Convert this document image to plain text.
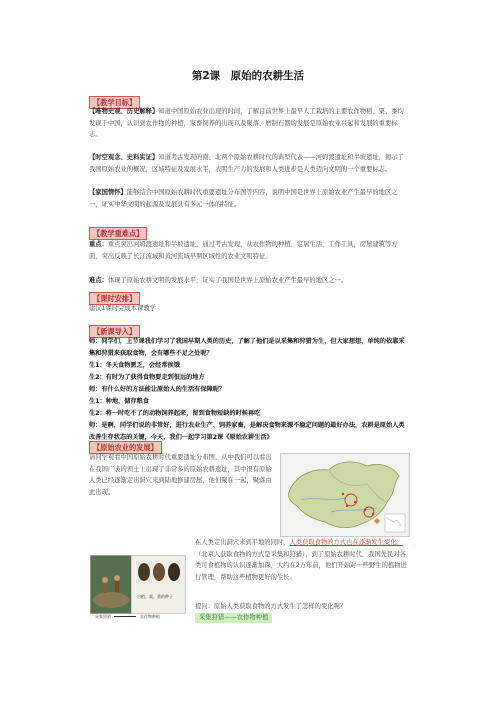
第2课　原始的农耕生活
【教学目标】
【唯物史观、历史解释】知道中国原始农业出现的时间，了解目前世界上最早人工栽培的主要农作物稻、粟、黍均发现于中国，认识到农作物的种植，家畜饲养的出现以及聚落、磨制石器的发展是原始农业兴起和发展的重要标志。
【时空观念、史料实证】知道考古发现的南、北两个原始农耕时代的典型代表——河姆渡遗址和半坡遗址，揭示了我国原始农业的概况，区域特征及发展水平，表明生产力的发展和人类进步是人类迈向文明的一个重要标志。
【家国情怀】能够结合中国原始农耕时代重要遗址分布图等内容，说明中国是世界上原始农业产生最早的地区之一，证实中华文明的起源及发展具有多元一体的特征。
【教学重难点】
重点：重点突出河姆渡遗址和半坡遗址，通过考古发现，从农作物的种植、定居生活，工作工具，房屋建筑等方面，突出反映了长江流域和黄河流域早期区域性的农业文明特征。
难点：体现了原始农耕文明的发展水平，证实了我国是世界上原始农业产生最早的地区之一。
【课时安排】
建议1课时完成本课教学
【新课导入】
师：同学们，上节课我们学习了我国早期人类的历史，了解了他们是以采集和狩猎为生，但大家想想，单纯的依靠采集和狩猎来获取食物，会有哪些不足之处呢？
生1：冬天食物匮乏，会经常挨饿
生2：有时为了获得食物要走到很远的地方
师：有什么好的方法能让原始人的生活有保障呢？
生1：种地、储存粮食
生2：将一时吃不了的动物饲养起来，留到食物短缺的时候再吃
师：是啊，同学们说的非常好，进行农业生产、饲养家畜，是解决食物来源不稳定问题的最好办法，农耕是原始人类改善生存状态的关键，今天，我们一起学习第2课《原始农耕生活》
【原始农业的发展】
请同学观看中国原始农耕时代重要遗址分布图，从中我们可以看出在我国广袤的领土上出现了非常多的原始农耕遗址，其中很有原始人类已经逐渐走出洞穴来到陆地修建房屋，他们聚在一起，聚落由此出现。
在人类走出洞穴来到平地的同时，人类获取食物的方式也在逐渐发生变化。（北京人获取食物的方式是采集和狩猎），到了原始农耕时代，我国先民对各类可食植物的认识逐渐加深，大约在2万年前，他们开始对一些野生的植物进行管理，帮助这些植物更好的生长。
古稻、粟、黍的种子
采集狩猎	农作物种植
提问：原始人类获取食物的方式发生了怎样的变化呢？
采集狩猎——农作物种植
